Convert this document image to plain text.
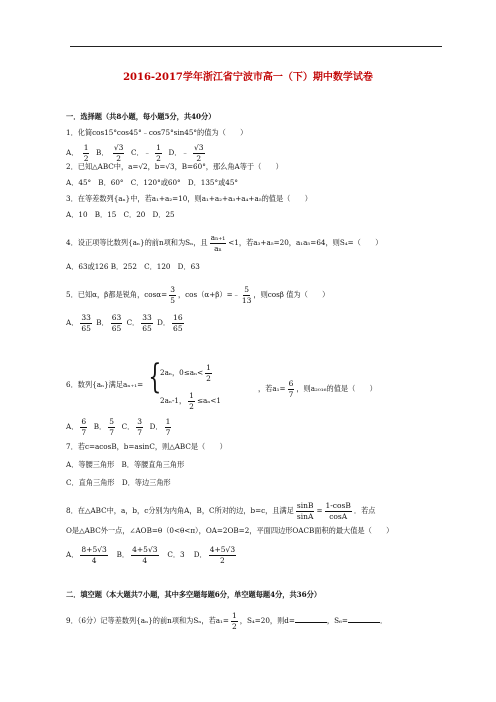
2016-2017学年浙江省宁波市高一（下）期中数学试卷
一．选择题（共8小题，每小题5分，共40分）
1．化简cos15°cos45°﹣cos75°sin45°的值为（　　）
A． $\frac{1}{2}$ B． $\frac{√3}{2}$ C．﹣ $\frac{1}{2}$ D．﹣ $\frac{√3}{2}$
2．已知△ABC中，a=√2，b=√3，B=60°，那么角A等于（　　）
A．45°　B．60°　C．120°或60°　D．135°或45°
3．在等差数列{aₙ}中，若a₁+a₂=10，则a₁+a₂+a₃+a₄+a₅的值是（　　）
A．10　B．15　C．20　D．25
4．设正项等比数列{aₙ}的前n项和为Sₙ，且 $\frac{\text{aₙ₊₁}}{\text{aₙ}} <1$，若a₃+a₅=20，a₁a₅=64，则S₄=（　　）
A．63或126 B．252　C．120　D．63
5．已知α，β都是锐角，$\cos\alpha= \frac{3}{5}$ ，cos（α+β）=﹣ $\frac{5}{13}$ ，则cosβ 值为（　　）
A． $\frac{33}{65}$ B． $\frac{63}{65}$ C． $\frac{33}{65}$ D． $\frac{16}{65}$
6．数列{aₙ}满足aₙ₊₁= {
2aₙ，$0\le a_n< \frac{1}{2}$
2aₙ-1， $\frac{1}{2} \le a_n<1$
，若$a_1= \frac{6}{7}$ ，则a₂₀₁₆的值是（　　）
A． $\frac{6}{7}$ B． $\frac{5}{7}$ C． $\frac{3}{7}$ D． $\frac{1}{7}$
7．若c=acosB，b=asinC，则△ABC是（　　）
A．等腰三角形　B．等腰直角三角形
C．直角三角形　D．等边三角形
8．在△ABC中，a，b，c分别为内角A，B，C所对的边，b=c，且满足 $\frac{\sin B}{\sin A} = \frac{1-\cos B}{\cos A}$ ．若点
O是△ABC外一点，∠AOB=θ（0<θ<π），OA=2OB=2，平面四边形OACB面积的最大值是（　　）
A． $\frac{8+5√3}{4}$ B． $\frac{4+5√3}{4}$ C．3 D． $\frac{4+5√3}{2}$
二．填空题（本大题共7小题，其中多空题每题6分，单空题每题4分，共36分）
9．（6分）记等差数列{aₙ}的前n项和为Sₙ，若$a_1= \frac{1}{2}$ ，S₄=20，则d=	，S₆=	．
